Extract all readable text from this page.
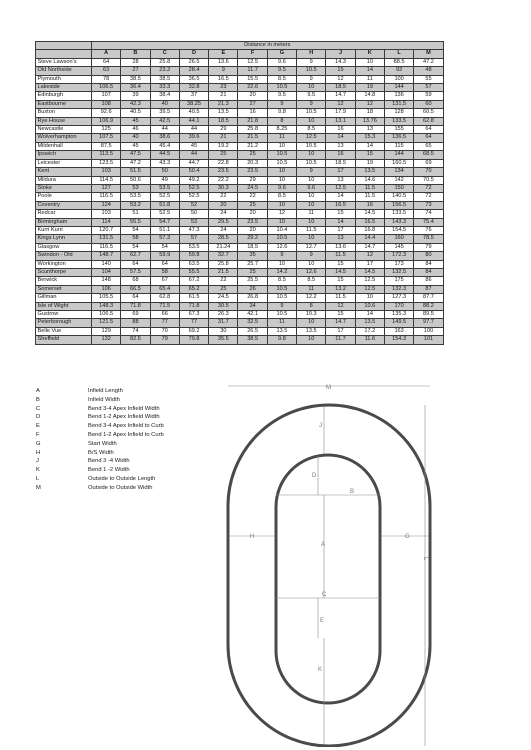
	Distance in meters											
	A	B	C	D	E	F	G	H	J	K	L	M
Steve Lawson's	64	28	25.8	26.5	13.6	12.5	9.6	9	14.3	10	88.5	47.2
Old Northside	63	27	23.2	28.4	9	11.7	9.5	10.5	15	14	92	48
Plymouth	78	38.5	38.5	36.5	16.5	15.5	8.5	9	12	11	100	55
Lakeside	106.5	36.4	33.3	32.8	23	22.6	10.5	10	18.5	19	144	57
Edinburgh	107	39	38.4	37	21	20	9.5	9.5	14.7	14.8	136	59
Eastbourne	108	42.3	40	38.25	21.3	27	9	9	12	12	131.5	60
Buxton	92.6	40.5	39.5	40.5	13.5	16	9.8	10.5	17.9	18	128	60.5
Rye House	106.9	45	42.5	44.1	18.5	21.8	8	10	13.1	13.76	133.5	62.8
Newcastle	125	46	44	44	29	25.8	8.25	8.5	16	13	155	64
Wolverhampton	107.5	40	38.6	39.6	21	21.5	11	12.5	14	15.3	136.5	64
Mildenhall	87.5	45	45.4	45	19.2	21.2	10	10.5	13	14	115	65
Ipswich	113.5	47.5	44.5	44	25	25	10.5	10	16	15	144	68.5
Leicester	123.5	47.2	43.3	44.7	22.8	20.3	10.5	10.5	18.5	19	160.5	69
Kent	103	51.5	50	50.4	23.5	23.5	10	9	17	13.5	134	70
Mildura	114.5	50.6	49	49.2	22.2	29	10	10	13	14.6	142	70.5
Stoke	127	53	53.5	52.5	30.3	24.5	9.6	9.6	12.5	11.5	150	72
Poole	116.5	53.5	52.5	52.5	22	22	8.5	10	14	11.5	140.5	72
Coventry	124	53.2	51.8	52	20	25	10	10	16.5	16	156.5	73
Redcar	103	51	52.5	50	24	20	12	11	15	14.5	133.5	74
Birmingham	114	55.5	54.7	53	29.5	23.5	10	10	14	16.5	143.3	75.4
Kurri Kurri	120.7	54	51.1	47.3	24	20	10.4	11.5	17	16.8	154.5	76
Kings Lynn	131.5	58	57.3	57	28.5	29.2	10.5	10	13	14.4	160	78.5
Glasgow	116.5	54	54	53.5	21.24	18.5	12.6	12.7	13.6	14.7	145	79
Swindon - Old	148.7	62.7	59.9	59.8	32.7	35	9	9	11.5	12	172.3	80
Workington	140	64	64	63.5	25.8	25.7	10	10	15	17	173	84
Scunthorpe	104	57.5	58	55.5	21.5	25	14.2	12.6	14.5	14.5	132.5	84
Berwick	148	68	67	67.2	22	25.5	8.5	8.5	15	12.5	175	86
Somerset	106	66.5	65.4	65.2	25	26	10.5	11	13.2	12.5	132.3	87
Gillman	105.5	64	62.8	61.5	24.5	26.8	10.5	12.2	11.5	10	127.3	87.7
Isle of Wight	148.3	71.8	71.5	71.8	30.5	34	9	8	12	10.6	170	88.2
Gustrow	106.5	69	66	67.3	26.3	42.1	10.5	10.3	15	14	135.3	89.5
Peterborough	121.5	88	77	77	31.7	32.5	11	10	14.7	13.5	149.5	97.7
Belle Vue	129	74	70	69.2	30	26.5	13.5	13.5	17	17.2	163	100
Sheffield	132	82.5	79	79.8	35.5	38.5	9.8	10	11.7	11.6	154.3	101
A	Infield Length
B	Infield Width
C	Bend 3-4 Apex Infield Width
D	Bend 1-2 Apex Infield Width
E	Bend 3-4 Apex Infield to Curb
F	Bend 1-2 Apex Infield to Curb
G	Start Width
H	B/S Width
J	Bend 3 -4 Width
K	Bend 1 -2 Width
L	Outside to Outside Length
M	Outside to Outside Width
M
J
B
D
H
A
G
C
E
K
L
